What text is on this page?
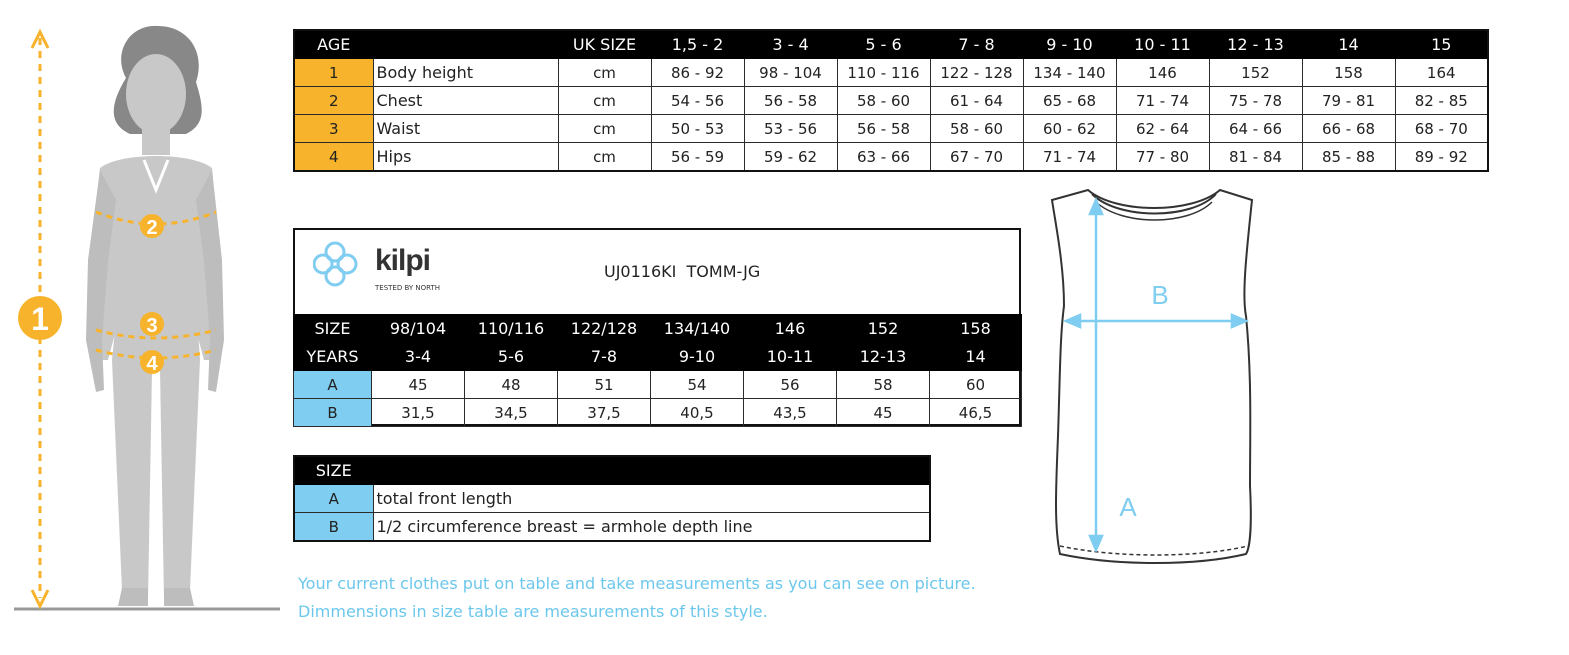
1
2
3
4
AGE		UK SIZE	1,5 - 2	3 - 4	5 - 6	7 - 8	9 - 10	10 - 11	12 - 13	14	15
1	Body height	cm	86 - 92	98 - 104	110 - 116	122 - 128	134 - 140	146	152	158	164
2	Chest	cm	54 - 56	56 - 58	58 - 60	61 - 64	65 - 68	71 - 74	75 - 78	79 - 81	82 - 85
3	Waist	cm	50 - 53	53 - 56	56 - 58	58 - 60	60 - 62	62 - 64	64 - 66	66 - 68	68 - 70
4	Hips	cm	56 - 59	59 - 62	63 - 66	67 - 70	71 - 74	77 - 80	81 - 84	85 - 88	89 - 92
kilpi
TESTED BY NORTH
UJ0116KI  TOMM-JG
SIZE	98/104	110/116	122/128	134/140	146	152	158
YEARS	3-4	5-6	7-8	9-10	10-11	12-13	14
A	45	48	51	54	56	58	60
B	31,5	34,5	37,5	40,5	43,5	45	46,5
SIZE	
A	total front length
B	1/2 circumference breast = armhole depth line
B
A
Your current clothes put on table and take measurements as you can see on picture.
Dimmensions in size table are measurements of this style.
